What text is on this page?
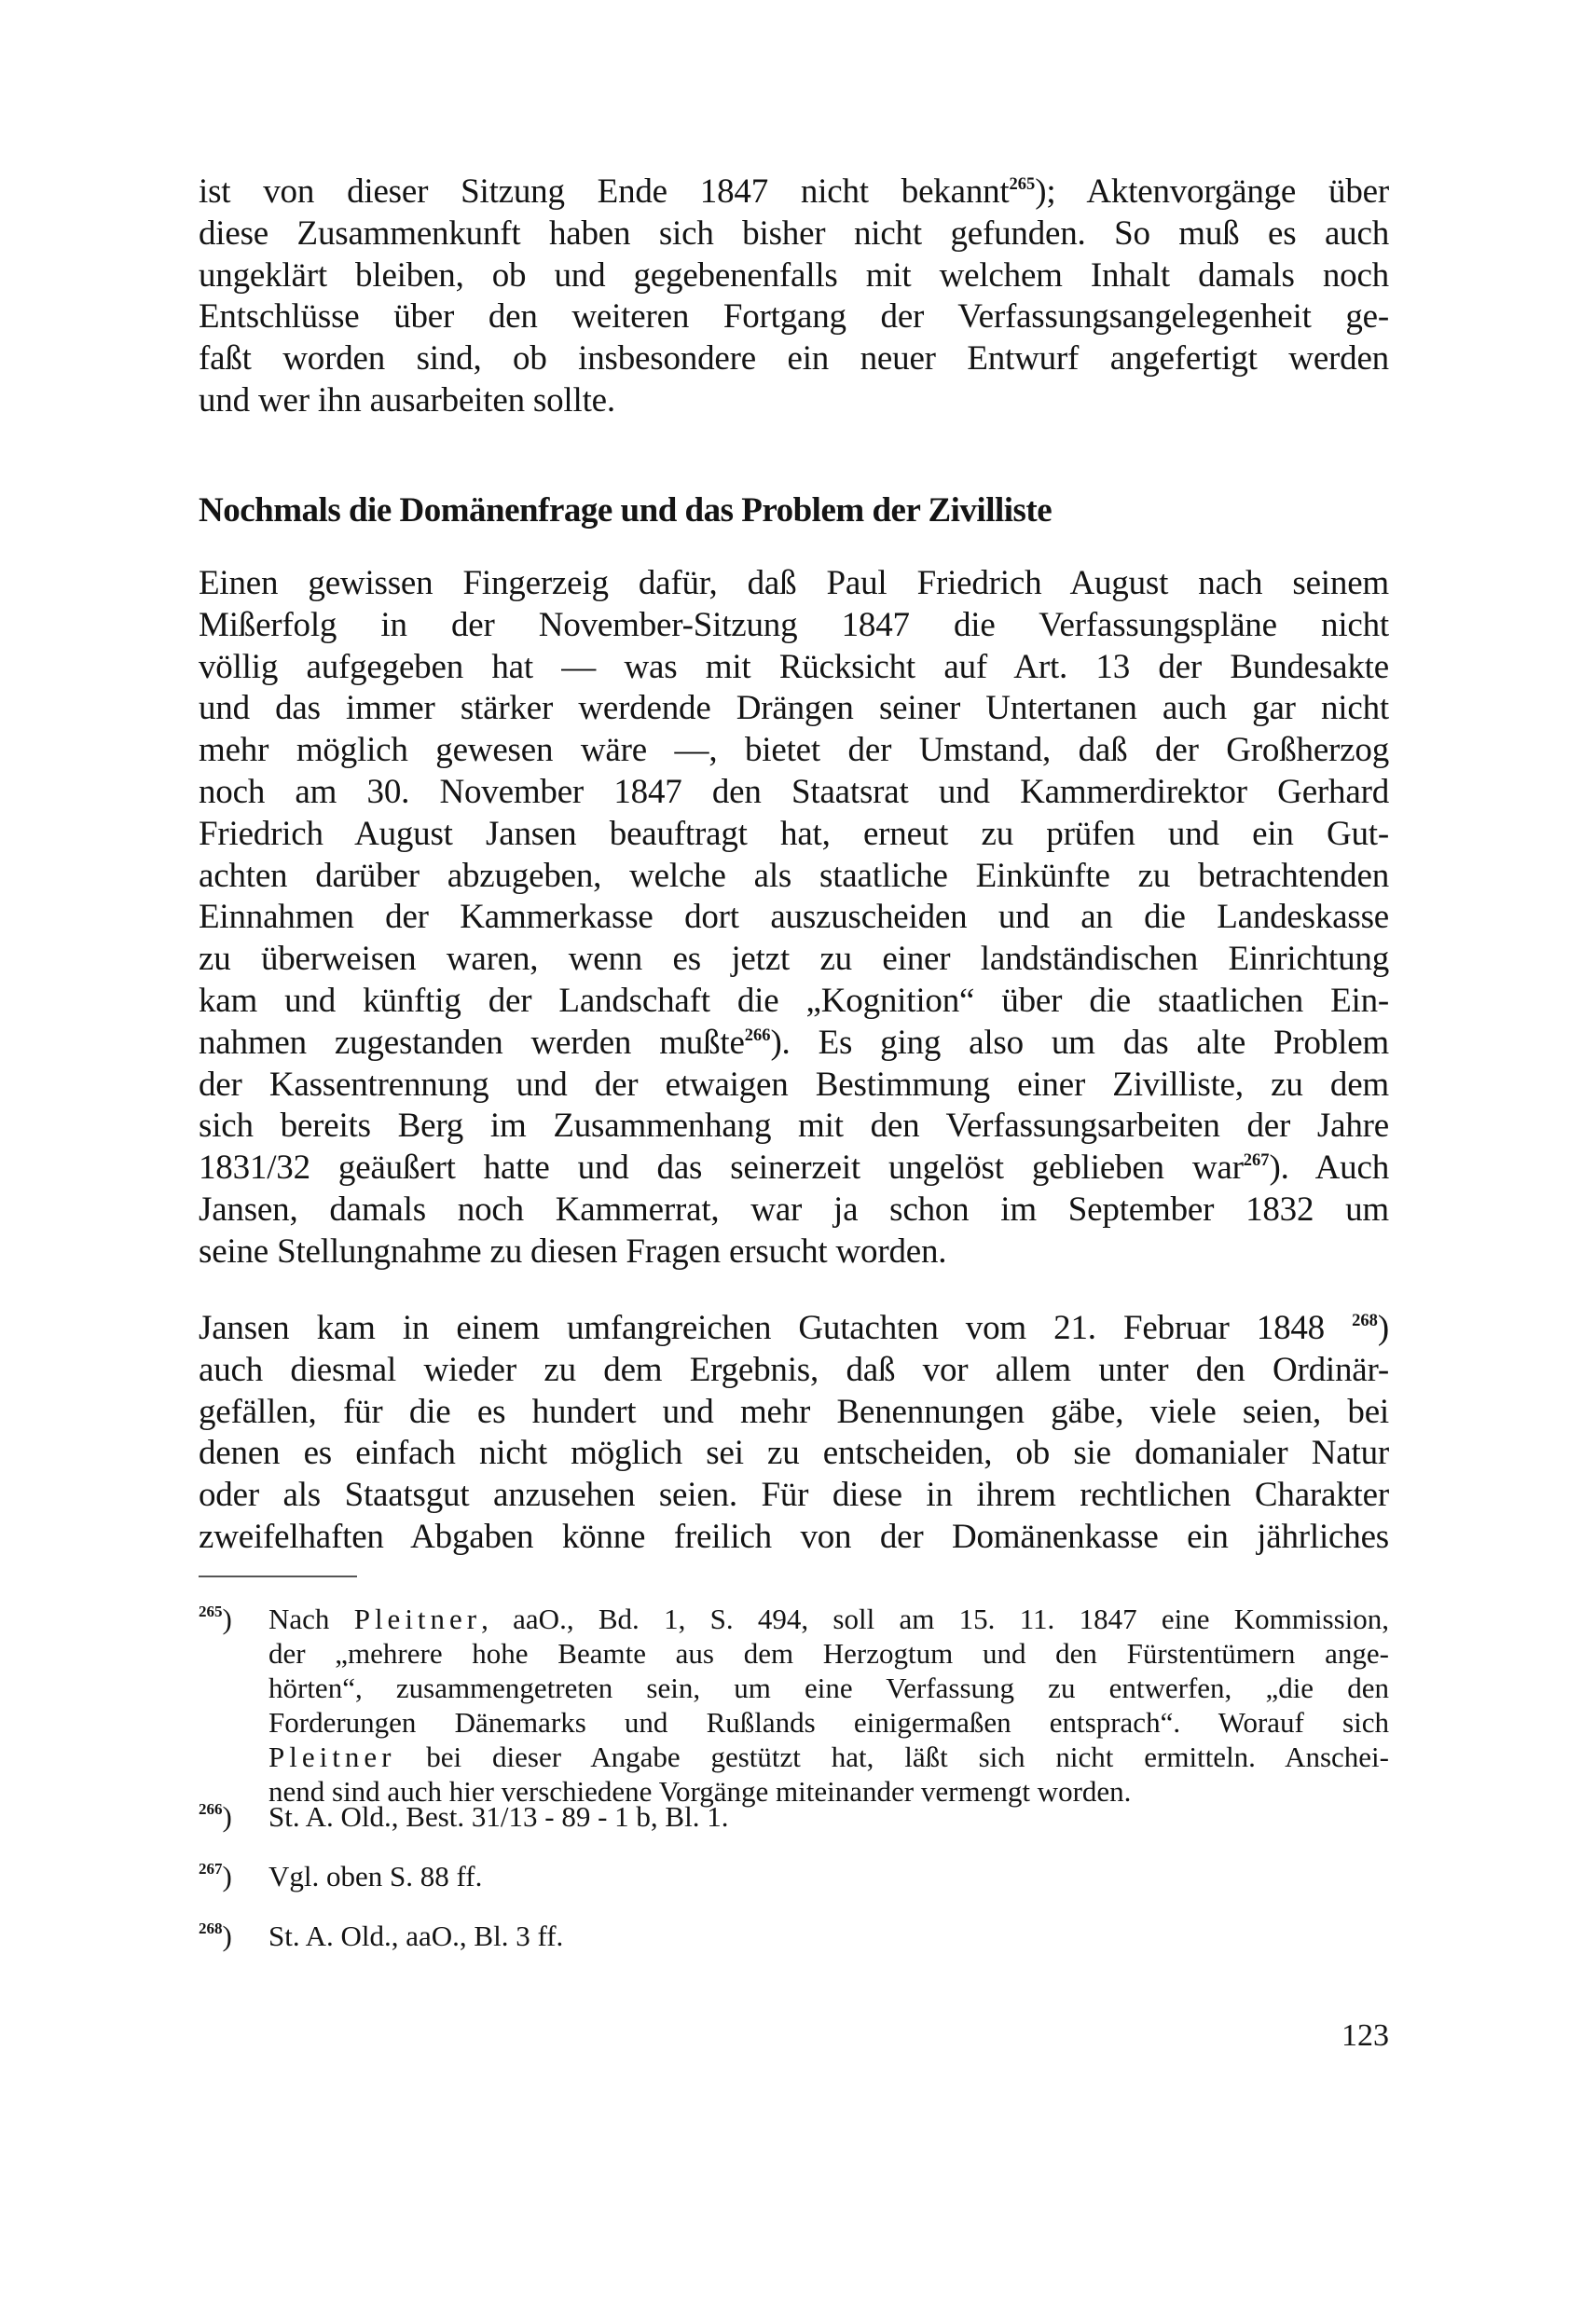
Nochmals die Domänenfrage und das Problem der Zivilliste
ist von dieser Sitzung Ende 1847 nicht bekannt$^{265}$); Aktenvorgänge über
diese Zusammenkunft haben sich bisher nicht gefunden. So muß es auch
ungeklärt bleiben, ob und gegebenenfalls mit welchem Inhalt damals noch
Entschlüsse über den weiteren Fortgang der Verfassungsangelegenheit ge-
faßt worden sind, ob insbesondere ein neuer Entwurf angefertigt werden
und wer ihn ausarbeiten sollte.
Einen gewissen Fingerzeig dafür, daß Paul Friedrich August nach seinem
Mißerfolg in der November-Sitzung 1847 die Verfassungspläne nicht
völlig aufgegeben hat — was mit Rücksicht auf Art. 13 der Bundesakte
und das immer stärker werdende Drängen seiner Untertanen auch gar nicht
mehr möglich gewesen wäre —, bietet der Umstand, daß der Großherzog
noch am 30. November 1847 den Staatsrat und Kammerdirektor Gerhard
Friedrich August Jansen beauftragt hat, erneut zu prüfen und ein Gut-
achten darüber abzugeben, welche als staatliche Einkünfte zu betrachtenden
Einnahmen der Kammerkasse dort auszuscheiden und an die Landeskasse
zu überweisen waren, wenn es jetzt zu einer landständischen Einrichtung
kam und künftig der Landschaft die „Kognition“ über die staatlichen Ein-
nahmen zugestanden werden mußte$^{266}$). Es ging also um das alte Problem
der Kassentrennung und der etwaigen Bestimmung einer Zivilliste, zu dem
sich bereits Berg im Zusammenhang mit den Verfassungsarbeiten der Jahre
1831/32 geäußert hatte und das seinerzeit ungelöst geblieben war$^{267}$). Auch
Jansen, damals noch Kammerrat, war ja schon im September 1832 um
seine Stellungnahme zu diesen Fragen ersucht worden.
Jansen kam in einem umfangreichen Gutachten vom 21. Februar 1848 $^{268}$)
auch diesmal wieder zu dem Ergebnis, daß vor allem unter den Ordinär-
gefällen, für die es hundert und mehr Benennungen gäbe, viele seien, bei
denen es einfach nicht möglich sei zu entscheiden, ob sie domanialer Natur
oder als Staatsgut anzusehen seien. Für diese in ihrem rechtlichen Charakter
zweifelhaften Abgaben könne freilich von der Domänenkasse ein jährliches
$^{265}$) Nach Pleitner, aaO., Bd. 1, S. 494, soll am 15. 11. 1847 eine Kommission,
der „mehrere hohe Beamte aus dem Herzogtum und den Fürstentümern ange-
hörten“, zusammengetreten sein, um eine Verfassung zu entwerfen, „die den
Forderungen Dänemarks und Rußlands einigermaßen entsprach“. Worauf sich
Pleitner bei dieser Angabe gestützt hat, läßt sich nicht ermitteln. Anschei-
nend sind auch hier verschiedene Vorgänge miteinander vermengt worden.
$^{266}$) St. A. Old., Best. 31/13 - 89 - 1 b, Bl. 1.
$^{267}$) Vgl. oben S. 88 ff.
$^{268}$) St. A. Old., aaO., Bl. 3 ff.
123
